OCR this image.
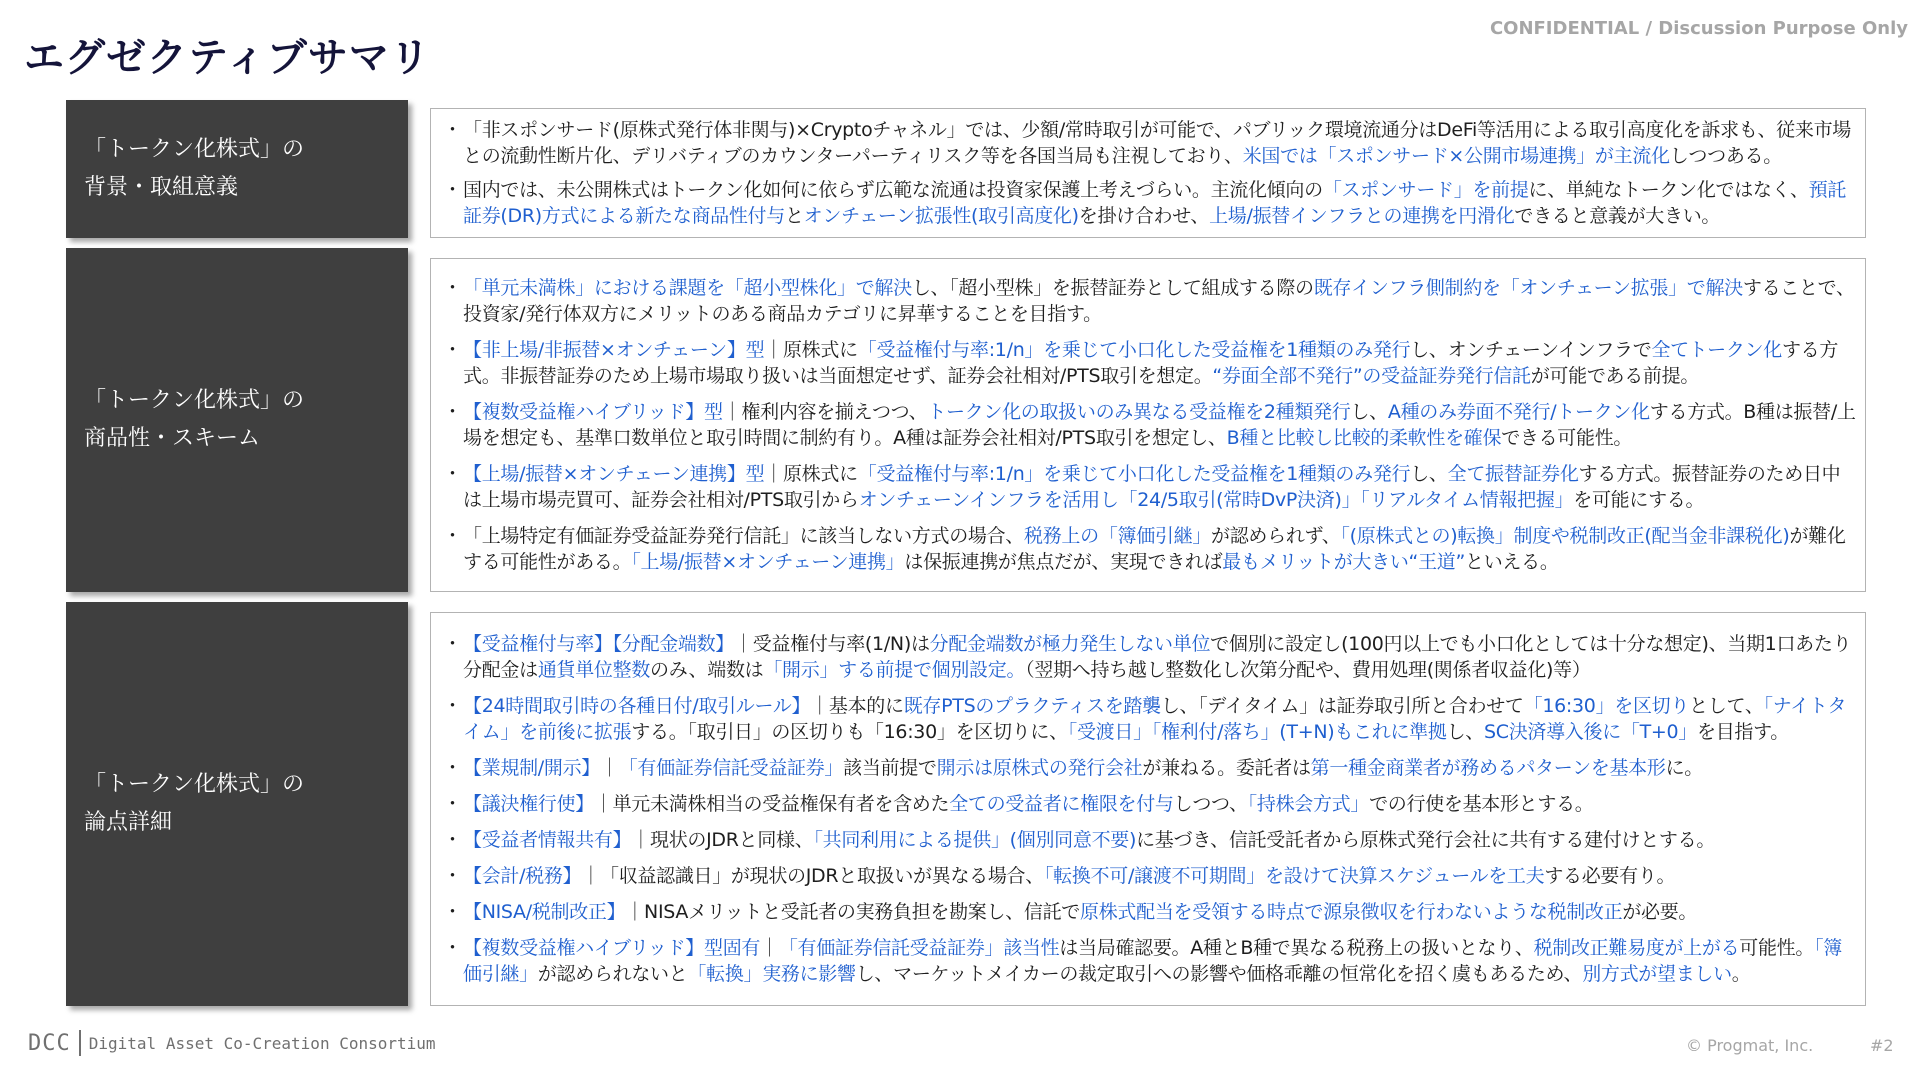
エグゼクティブサマリ
CONFIDENTIAL / Discussion Purpose Only
「トークン化株式」の
背景・取組意義
・ 「非スポンサード(原株式発行体非関与)×Cryptoチャネル」では、少額/常時取引が可能で、パブリック環境流通分はDeFi等活用による取引高度化を訴求も、従来市場との流動性断片化、デリバティブのカウンターパーティリスク等を各国当局も注視しており、米国では「スポンサード×公開市場連携」が主流化しつつある。
・ 国内では、未公開株式はトークン化如何に依らず広範な流通は投資家保護上考えづらい。主流化傾向の「スポンサード」を前提に、単純なトークン化ではなく、預託証券(DR)方式による新たな商品性付与とオンチェーン拡張性(取引高度化)を掛け合わせ、上場/振替インフラとの連携を円滑化できると意義が大きい。
「トークン化株式」の
商品性・スキーム
・ 「単元未満株」における課題を「超小型株化」で解決し、「超小型株」を振替証券として組成する際の既存インフラ側制約を「オンチェーン拡張」で解決することで、投資家/発行体双方にメリットのある商品カテゴリに昇華することを目指す。
・ 【非上場/非振替×オンチェーン】型｜原株式に「受益権付与率:1/n」を乗じて小口化した受益権を1種類のみ発行し、オンチェーンインフラで全てトークン化する方式。非振替証券のため上場市場取り扱いは当面想定せず、証券会社相対/PTS取引を想定。“券面全部不発行”の受益証券発行信託が可能である前提。
・ 【複数受益権ハイブリッド】型｜権利内容を揃えつつ、トークン化の取扱いのみ異なる受益権を2種類発行し、A種のみ券面不発行/トークン化する方式。B種は振替/上場を想定も、基準口数単位と取引時間に制約有り。A種は証券会社相対/PTS取引を想定し、B種と比較し比較的柔軟性を確保できる可能性。
・ 【上場/振替×オンチェーン連携】型｜原株式に「受益権付与率:1/n」を乗じて小口化した受益権を1種類のみ発行し、全て振替証券化する方式。振替証券のため日中は上場市場売買可、証券会社相対/PTS取引からオンチェーンインフラを活用し「24/5取引(常時DvP決済)」「リアルタイム情報把握」を可能にする。
・ 「上場特定有価証券受益証券発行信託」に該当しない方式の場合、税務上の「簿価引継」が認められず、「(原株式との)転換」制度や税制改正(配当金非課税化)が難化する可能性がある。「上場/振替×オンチェーン連携」は保振連携が焦点だが、実現できれば最もメリットが大きい“王道”といえる。
「トークン化株式」の
論点詳細
・ 【受益権付与率】【分配金端数】｜受益権付与率(1/N)は分配金端数が極力発生しない単位で個別に設定し(100円以上でも小口化としては十分な想定)、当期1口あたり分配金は通貨単位整数のみ、端数は「開示」する前提で個別設定。（翌期へ持ち越し整数化し次第分配や、費用処理(関係者収益化)等）
・ 【24時間取引時の各種日付/取引ルール】｜基本的に既存PTSのプラクティスを踏襲し、「デイタイム」は証券取引所と合わせて「16:30」を区切りとして、「ナイトタイム」を前後に拡張する。「取引日」の区切りも「16:30」を区切りに、「受渡日」「権利付/落ち」(T+N)もこれに準拠し、SC決済導入後に「T+0」を目指す。
・ 【業規制/開示】｜「有価証券信託受益証券」該当前提で開示は原株式の発行会社が兼ねる。委託者は第一種金商業者が務めるパターンを基本形に。
・ 【議決権行使】｜単元未満株相当の受益権保有者を含めた全ての受益者に権限を付与しつつ、「持株会方式」での行使を基本形とする。
・ 【受益者情報共有】｜現状のJDRと同様、「共同利用による提供」(個別同意不要)に基づき、信託受託者から原株式発行会社に共有する建付けとする。
・ 【会計/税務】｜「収益認識日」が現状のJDRと取扱いが異なる場合、「転換不可/譲渡不可期間」を設けて決算スケジュールを工夫する必要有り。
・ 【NISA/税制改正】｜NISAメリットと受託者の実務負担を勘案し、信託で原株式配当を受領する時点で源泉徴収を行わないような税制改正が必要。
・ 【複数受益権ハイブリッド】型固有｜「有価証券信託受益証券」該当性は当局確認要。A種とB種で異なる税務上の扱いとなり、税制改正難易度が上がる可能性。「簿価引継」が認められないと「転換」実務に影響し、マーケットメイカーの裁定取引への影響や価格乖離の恒常化を招く虞もあるため、別方式が望ましい。
DCC Digital Asset Co-Creation Consortium	© Progmat, Inc.	#2
